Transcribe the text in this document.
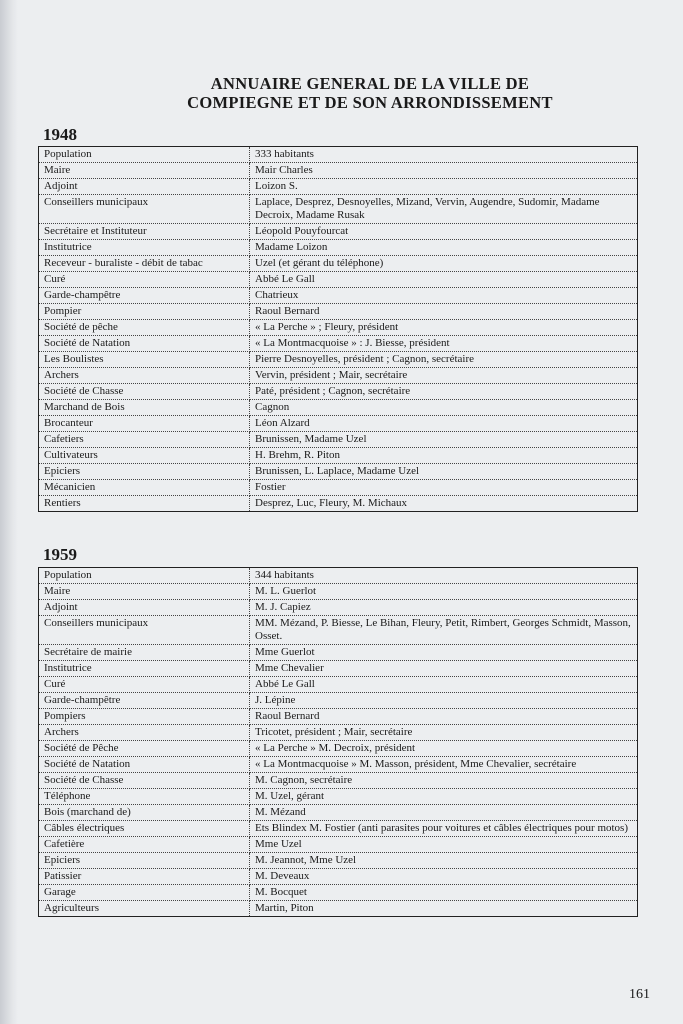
ANNUAIRE GENERAL DE LA VILLE DE
COMPIEGNE ET DE SON ARRONDISSEMENT
1948
Population	333 habitants
Maire	Mair Charles
Adjoint	Loizon S.
Conseillers municipaux	Laplace, Desprez, Desnoyelles, Mizand, Vervin, Augendre, Sudomir, Madame Decroix, Madame Rusak
Secrétaire et Instituteur	Léopold Pouyfourcat
Institutrice	Madame Loizon
Receveur - buraliste - débit de tabac	Uzel (et gérant du téléphone)
Curé	Abbé Le Gall
Garde-champêtre	Chatrieux
Pompier	Raoul Bernard
Société de pêche	« La Perche » ; Fleury, président
Société de Natation	« La Montmacquoise » : J. Biesse, président
Les Boulistes	Pierre Desnoyelles, président ; Cagnon, secrétaire
Archers	Vervin, président ; Mair, secrétaire
Société de Chasse	Paté, président ; Cagnon, secrétaire
Marchand de Bois	Cagnon
Brocanteur	Léon Alzard
Cafetiers	Brunissen, Madame Uzel
Cultivateurs	H. Brehm, R. Piton
Epiciers	Brunissen, L. Laplace, Madame Uzel
Mécanicien	Fostier
Rentiers	Desprez, Luc, Fleury, M. Michaux
1959
Population	344 habitants
Maire	M. L. Guerlot
Adjoint	M. J. Capiez
Conseillers municipaux	MM. Mézand, P. Biesse, Le Bihan, Fleury, Petit, Rimbert, Georges Schmidt, Masson, Osset.
Secrétaire de mairie	Mme Guerlot
Institutrice	Mme Chevalier
Curé	Abbé Le Gall
Garde-champêtre	J. Lépine
Pompiers	Raoul Bernard
Archers	Tricotet, président ; Mair, secrétaire
Société de Pêche	« La Perche » M. Decroix, président
Société de Natation	« La Montmacquoise » M. Masson, président, Mme Chevalier, secrétaire
Société de Chasse	M. Cagnon, secrétaire
Téléphone	M. Uzel, gérant
Bois (marchand de)	M. Mézand
Câbles électriques	Ets Blindex M. Fostier (anti parasites pour voitures et câbles électriques pour motos)
Cafetière	Mme Uzel
Epiciers	M. Jeannot, Mme Uzel
Patissier	M. Deveaux
Garage	M. Bocquet
Agriculteurs	Martin, Piton
161
